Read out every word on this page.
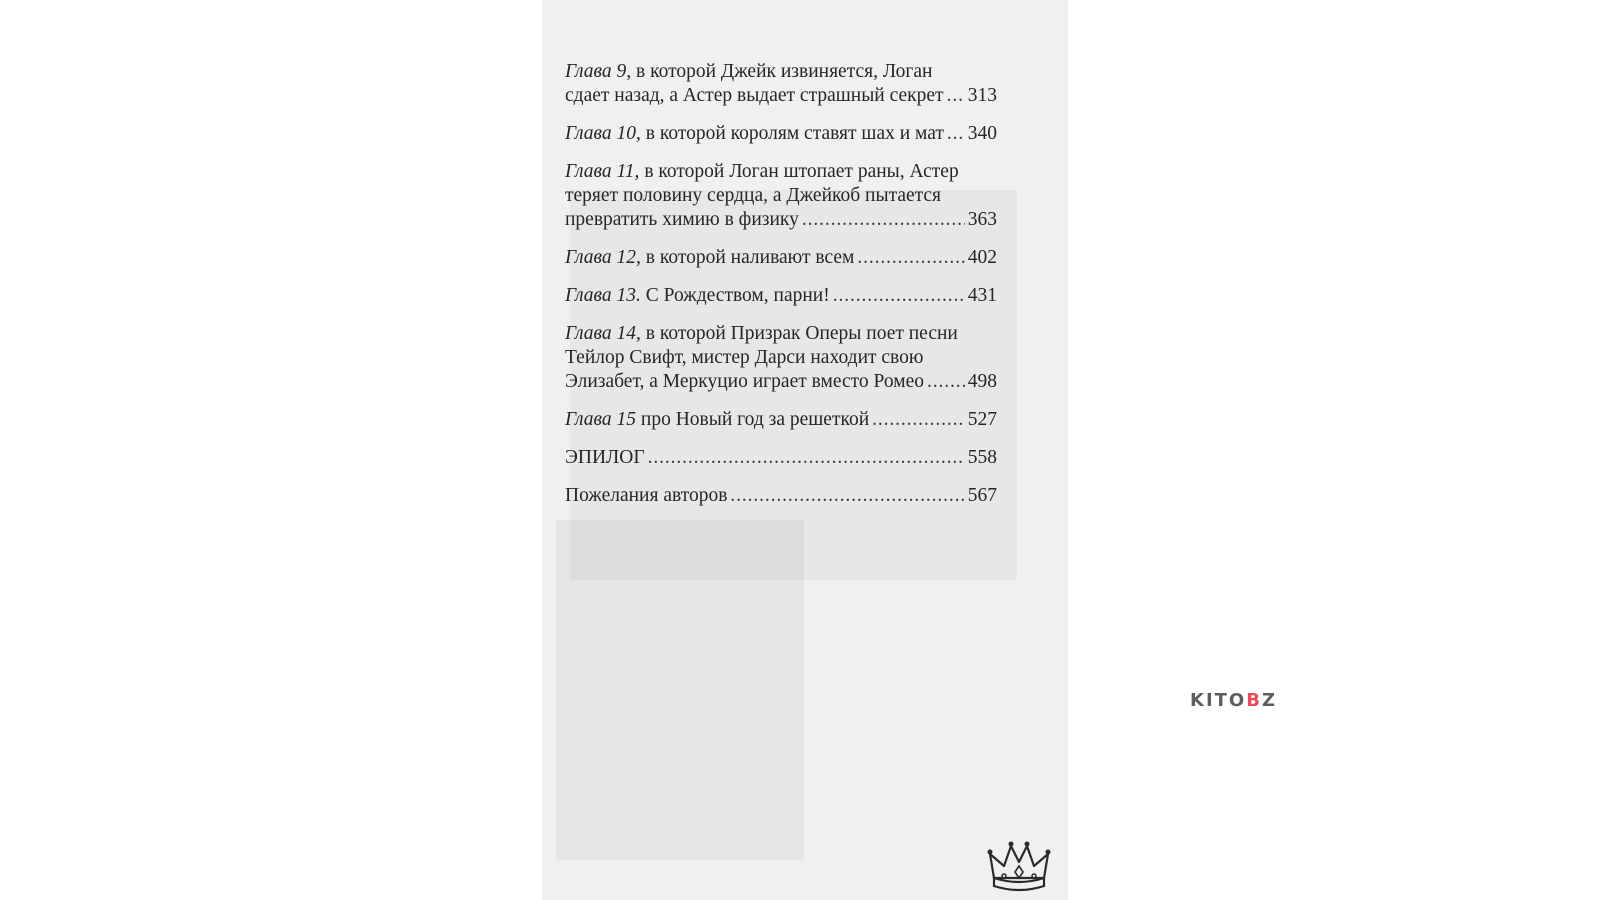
Глава 9, в которой Джейк извиняется, Логан
сдает назад, а Астер выдает страшный секрет . . . 313
Глава 10,
в которой королям ставят шах и мат . . . 340
Глава 11, в которой Логан штопает раны, Астер
теряет половину сердца, а Джейкоб пытается
превратить химию в физику . . .	363
Глава 12,
в которой наливают всем . . .	402
Глава 13.
С Рождеством, парни! . . .	431
Глава 14, в которой Призрак Оперы поет песни
Тейлор Свифт, мистер Дарси находит свою
Элизабет, а Меркуцио играет вместо Ромео . . . 498
Глава 15
про Новый год за решеткой . . .	527
ЭПИЛОГ . . .	558
Пожелания авторов . . .	567
KITOBZ
